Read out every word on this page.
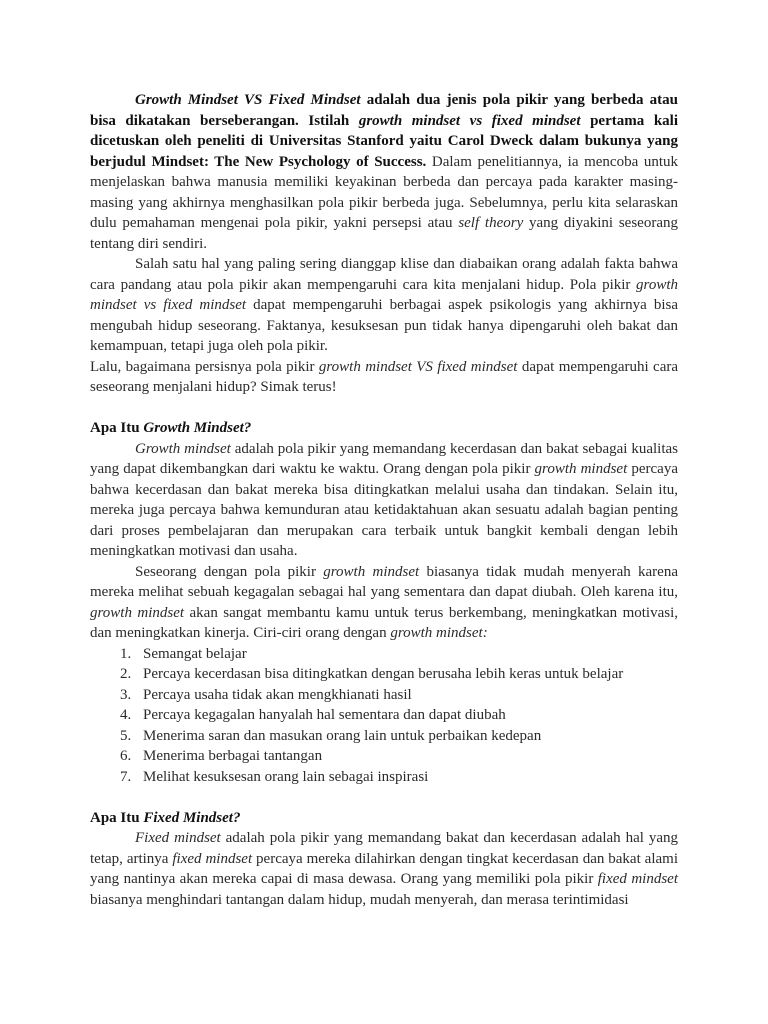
Growth Mindset VS Fixed Mindset adalah dua jenis pola pikir yang berbeda atau bisa dikatakan berseberangan. Istilah growth mindset vs fixed mindset pertama kali dicetuskan oleh peneliti di Universitas Stanford yaitu Carol Dweck dalam bukunya yang berjudul Mindset: The New Psychology of Success. Dalam penelitiannya, ia mencoba untuk menjelaskan bahwa manusia memiliki keyakinan berbeda dan percaya pada karakter masing-masing yang akhirnya menghasilkan pola pikir berbeda juga. Sebelumnya, perlu kita selaraskan dulu pemahaman mengenai pola pikir, yakni persepsi atau self theory yang diyakini seseorang tentang diri sendiri.

Salah satu hal yang paling sering dianggap klise dan diabaikan orang adalah fakta bahwa cara pandang atau pola pikir akan mempengaruhi cara kita menjalani hidup. Pola pikir growth mindset vs fixed mindset dapat mempengaruhi berbagai aspek psikologis yang akhirnya bisa mengubah hidup seseorang. Faktanya, kesuksesan pun tidak hanya dipengaruhi oleh bakat dan kemampuan, tetapi juga oleh pola pikir.

Lalu, bagaimana persisnya pola pikir growth mindset VS fixed mindset dapat mempengaruhi cara seseorang menjalani hidup? Simak terus!

Apa Itu Growth Mindset?

Growth mindset adalah pola pikir yang memandang kecerdasan dan bakat sebagai kualitas yang dapat dikembangkan dari waktu ke waktu. Orang dengan pola pikir growth mindset percaya bahwa kecerdasan dan bakat mereka bisa ditingkatkan melalui usaha dan tindakan. Selain itu, mereka juga percaya bahwa kemunduran atau ketidaktahuan akan sesuatu adalah bagian penting dari proses pembelajaran dan merupakan cara terbaik untuk bangkit kembali dengan lebih meningkatkan motivasi dan usaha.

Seseorang dengan pola pikir growth mindset biasanya tidak mudah menyerah karena mereka melihat sebuah kegagalan sebagai hal yang sementara dan dapat diubah. Oleh karena itu, growth mindset akan sangat membantu kamu untuk terus berkembang, meningkatkan motivasi, dan meningkatkan kinerja. Ciri-ciri orang dengan growth mindset:

1. Semangat belajar
2. Percaya kecerdasan bisa ditingkatkan dengan berusaha lebih keras untuk belajar
3. Percaya usaha tidak akan mengkhianati hasil
4. Percaya kegagalan hanyalah hal sementara dan dapat diubah
5. Menerima saran dan masukan orang lain untuk perbaikan kedepan
6. Menerima berbagai tantangan
7. Melihat kesuksesan orang lain sebagai inspirasi
Apa Itu Fixed Mindset?

Fixed mindset adalah pola pikir yang memandang bakat dan kecerdasan adalah hal yang tetap, artinya fixed mindset percaya mereka dilahirkan dengan tingkat kecerdasan dan bakat alami yang nantinya akan mereka capai di masa dewasa. Orang yang memiliki pola pikir fixed mindset biasanya menghindari tantangan dalam hidup, mudah menyerah, dan merasa terintimidasi
